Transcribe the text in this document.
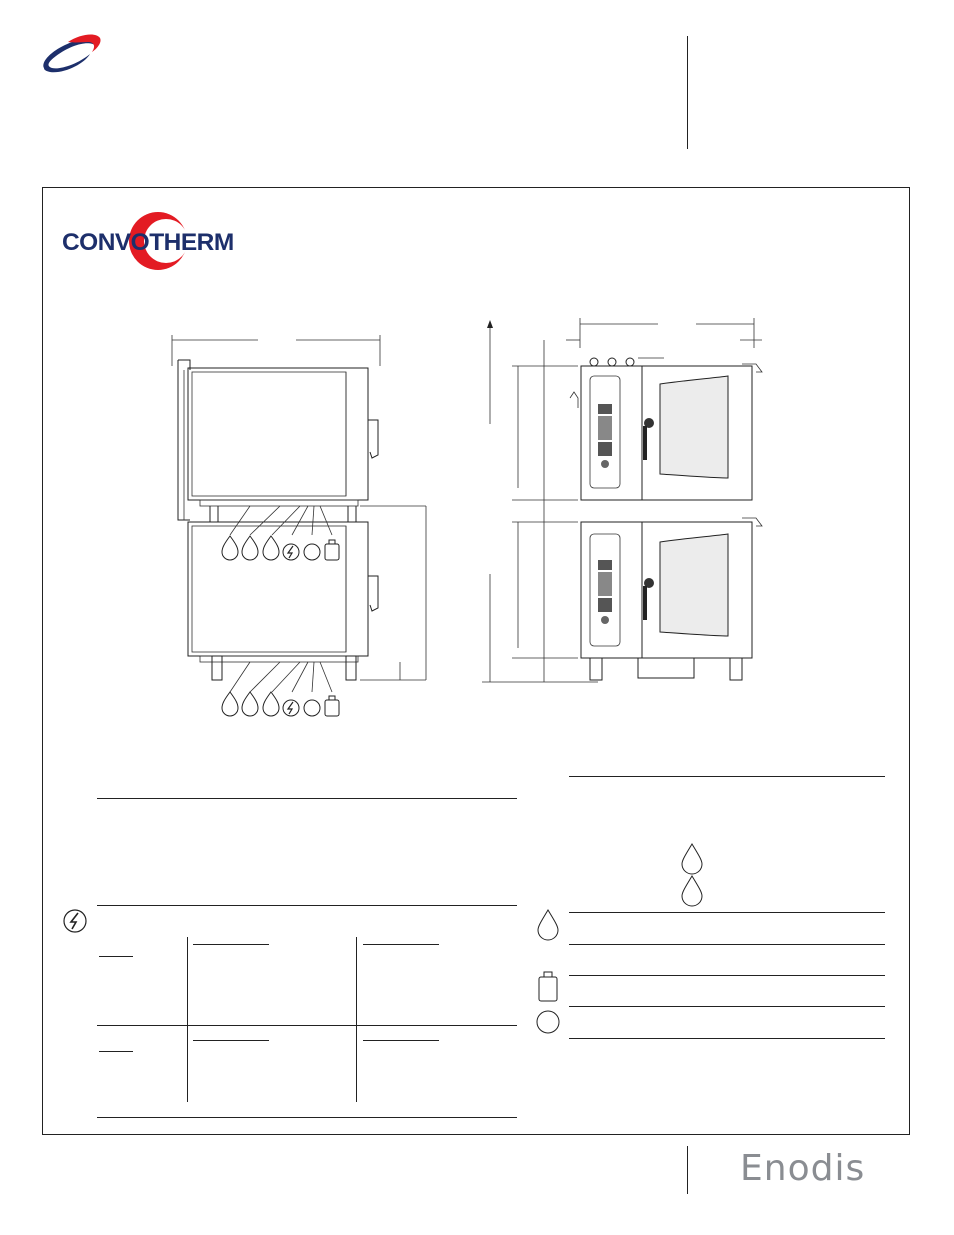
CONVOTHERM
Enodis
